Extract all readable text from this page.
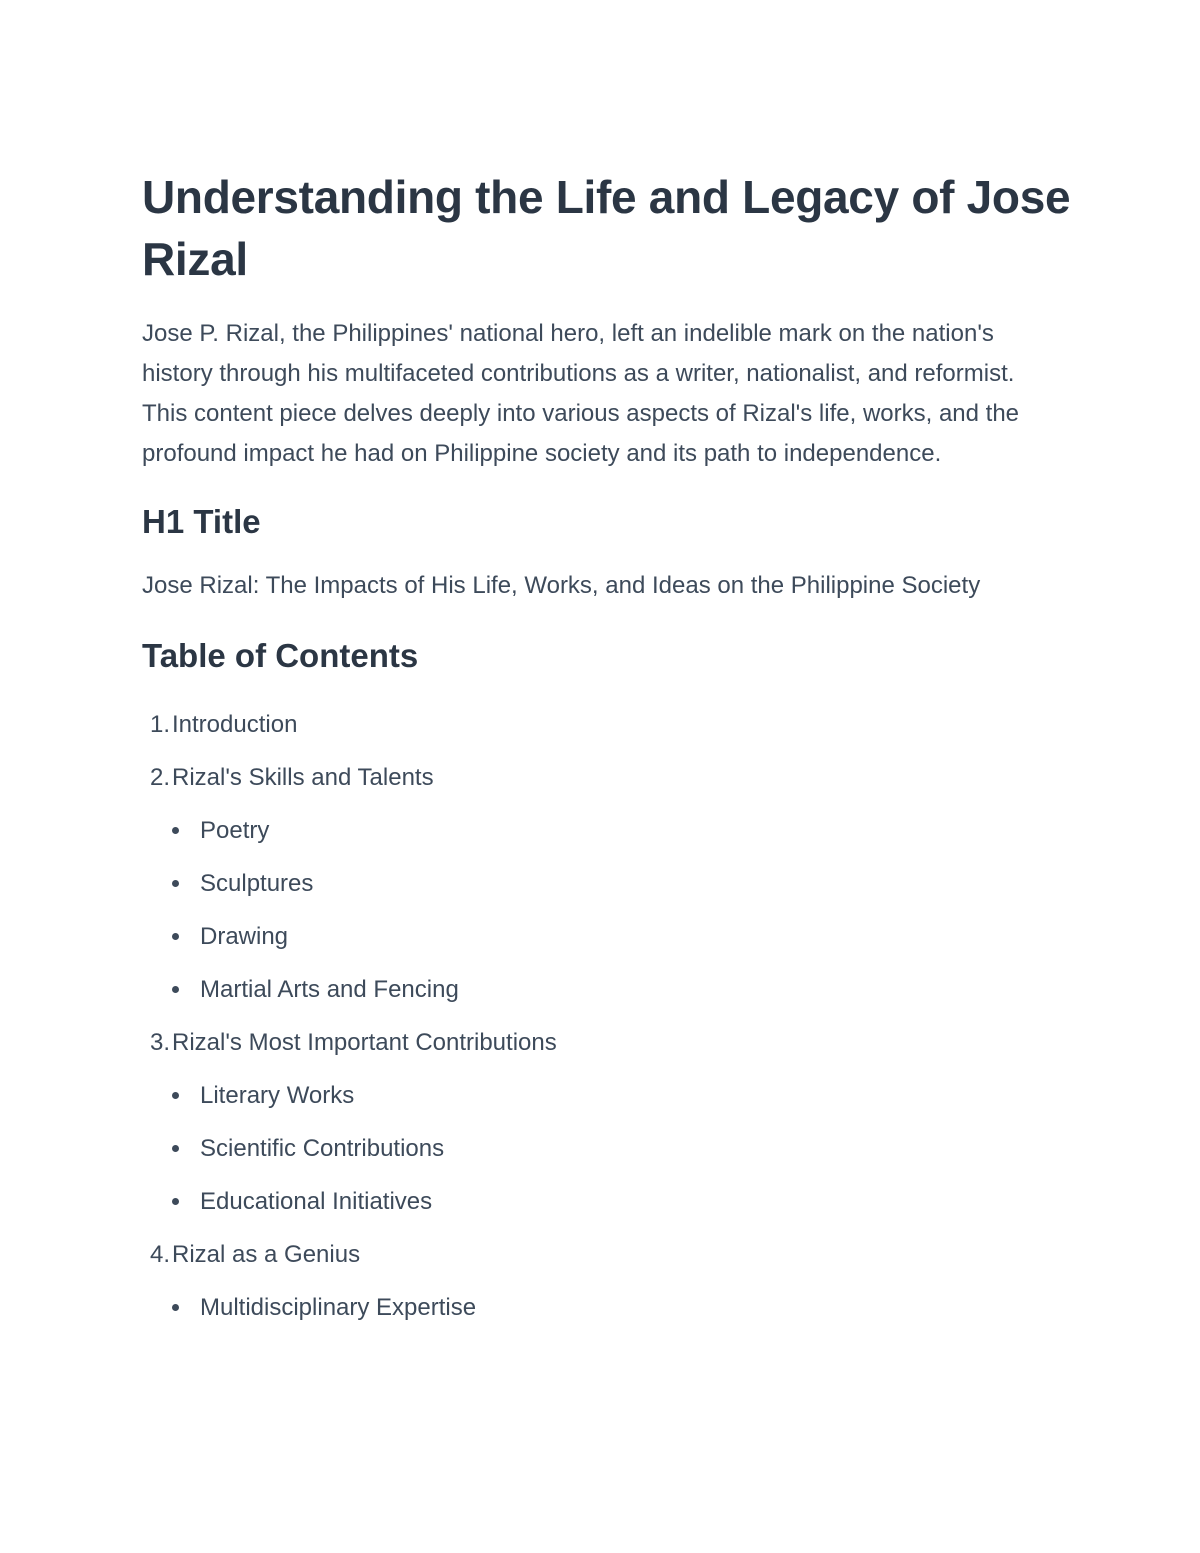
Understanding the Life and Legacy of Jose Rizal

Jose P. Rizal, the Philippines' national hero, left an indelible mark on the nation's history through his multifaceted contributions as a writer, nationalist, and reformist. This content piece delves deeply into various aspects of Rizal's life, works, and the profound impact he had on Philippine society and its path to independence.

H1 Title

Jose Rizal: The Impacts of His Life, Works, and Ideas on the Philippine Society

Table of Contents
1. Introduction
2. Rizal's Skills and Talents
Poetry
Sculptures
Drawing
Martial Arts and Fencing
3. Rizal's Most Important Contributions
Literary Works
Scientific Contributions
Educational Initiatives
4. Rizal as a Genius
Multidisciplinary Expertise
